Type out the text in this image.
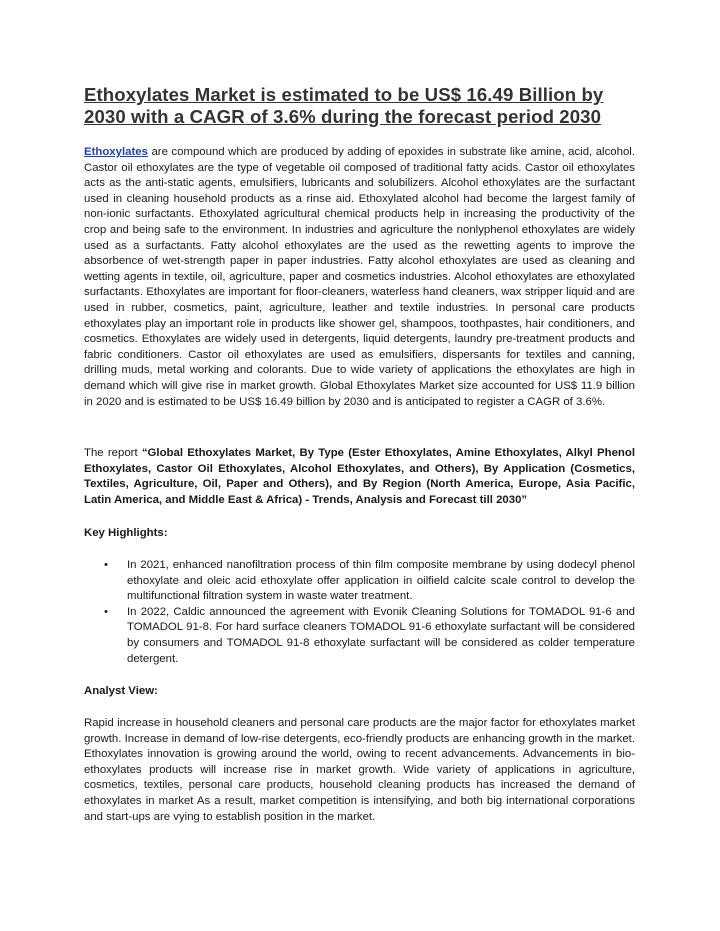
Ethoxylates Market is estimated to be US$ 16.49 Billion by 2030 with a CAGR of 3.6% during the forecast period 2030

Ethoxylates are compound which are produced by adding of epoxides in substrate like amine, acid, alcohol. Castor oil ethoxylates are the type of vegetable oil composed of traditional fatty acids. Castor oil ethoxylates acts as the anti-static agents, emulsifiers, lubricants and solubilizers. Alcohol ethoxylates are the surfactant used in cleaning household products as a rinse aid. Ethoxylated alcohol had become the largest family of non-ionic surfactants. Ethoxylated agricultural chemical products help in increasing the productivity of the crop and being safe to the environment. In industries and agriculture the nonlyphenol ethoxylates are widely used as a surfactants. Fatty alcohol ethoxylates are the used as the rewetting agents to improve the absorbence of wet-strength paper in paper industries. Fatty alcohol ethoxylates are used as cleaning and wetting agents in textile, oil, agriculture, paper and cosmetics industries. Alcohol ethoxylates are ethoxylated surfactants. Ethoxylates are important for floor-cleaners, waterless hand cleaners, wax stripper liquid and are used in rubber, cosmetics, paint, agriculture, leather and textile industries. In personal care products ethoxylates play an important role in products like shower gel, shampoos, toothpastes, hair conditioners, and cosmetics. Ethoxylates are widely used in detergents, liquid detergents, laundry pre-treatment products and fabric conditioners. Castor oil ethoxylates are used as emulsifiers, dispersants for textiles and canning, drilling muds, metal working and colorants. Due to wide variety of applications the ethoxylates are high in demand which will give rise in market growth. Global Ethoxylates Market size accounted for US$ 11.9 billion in 2020 and is estimated to be US$ 16.49 billion by 2030 and is anticipated to register a CAGR of 3.6%.

The report “Global Ethoxylates Market, By Type (Ester Ethoxylates, Amine Ethoxylates, Alkyl Phenol Ethoxylates, Castor Oil Ethoxylates, Alcohol Ethoxylates, and Others), By Application (Cosmetics, Textiles, Agriculture, Oil, Paper and Others), and By Region (North America, Europe, Asia Pacific, Latin America, and Middle East & Africa) - Trends, Analysis and Forecast till 2030”

Key Highlights:

• In 2021, enhanced nanofiltration process of thin film composite membrane by using dodecyl phenol ethoxylate and oleic acid ethoxylate offer application in oilfield calcite scale control to develop the multifunctional filtration system in waste water treatment.
• In 2022, Caldic announced the agreement with Evonik Cleaning Solutions for TOMADOL 91-6 and TOMADOL 91-8. For hard surface cleaners TOMADOL 91-6 ethoxylate surfactant will be considered by consumers and TOMADOL 91-8 ethoxylate surfactant will be considered as colder temperature detergent.

Analyst View:

Rapid increase in household cleaners and personal care products are the major factor for ethoxylates market growth. Increase in demand of low-rise detergents, eco-friendly products are enhancing growth in the market. Ethoxylates innovation is growing around the world, owing to recent advancements. Advancements in bio-ethoxylates products will increase rise in market growth. Wide variety of applications in agriculture, cosmetics, textiles, personal care products, household cleaning products has increased the demand of ethoxylates in market As a result, market competition is intensifying, and both big international corporations and start-ups are vying to establish position in the market.
